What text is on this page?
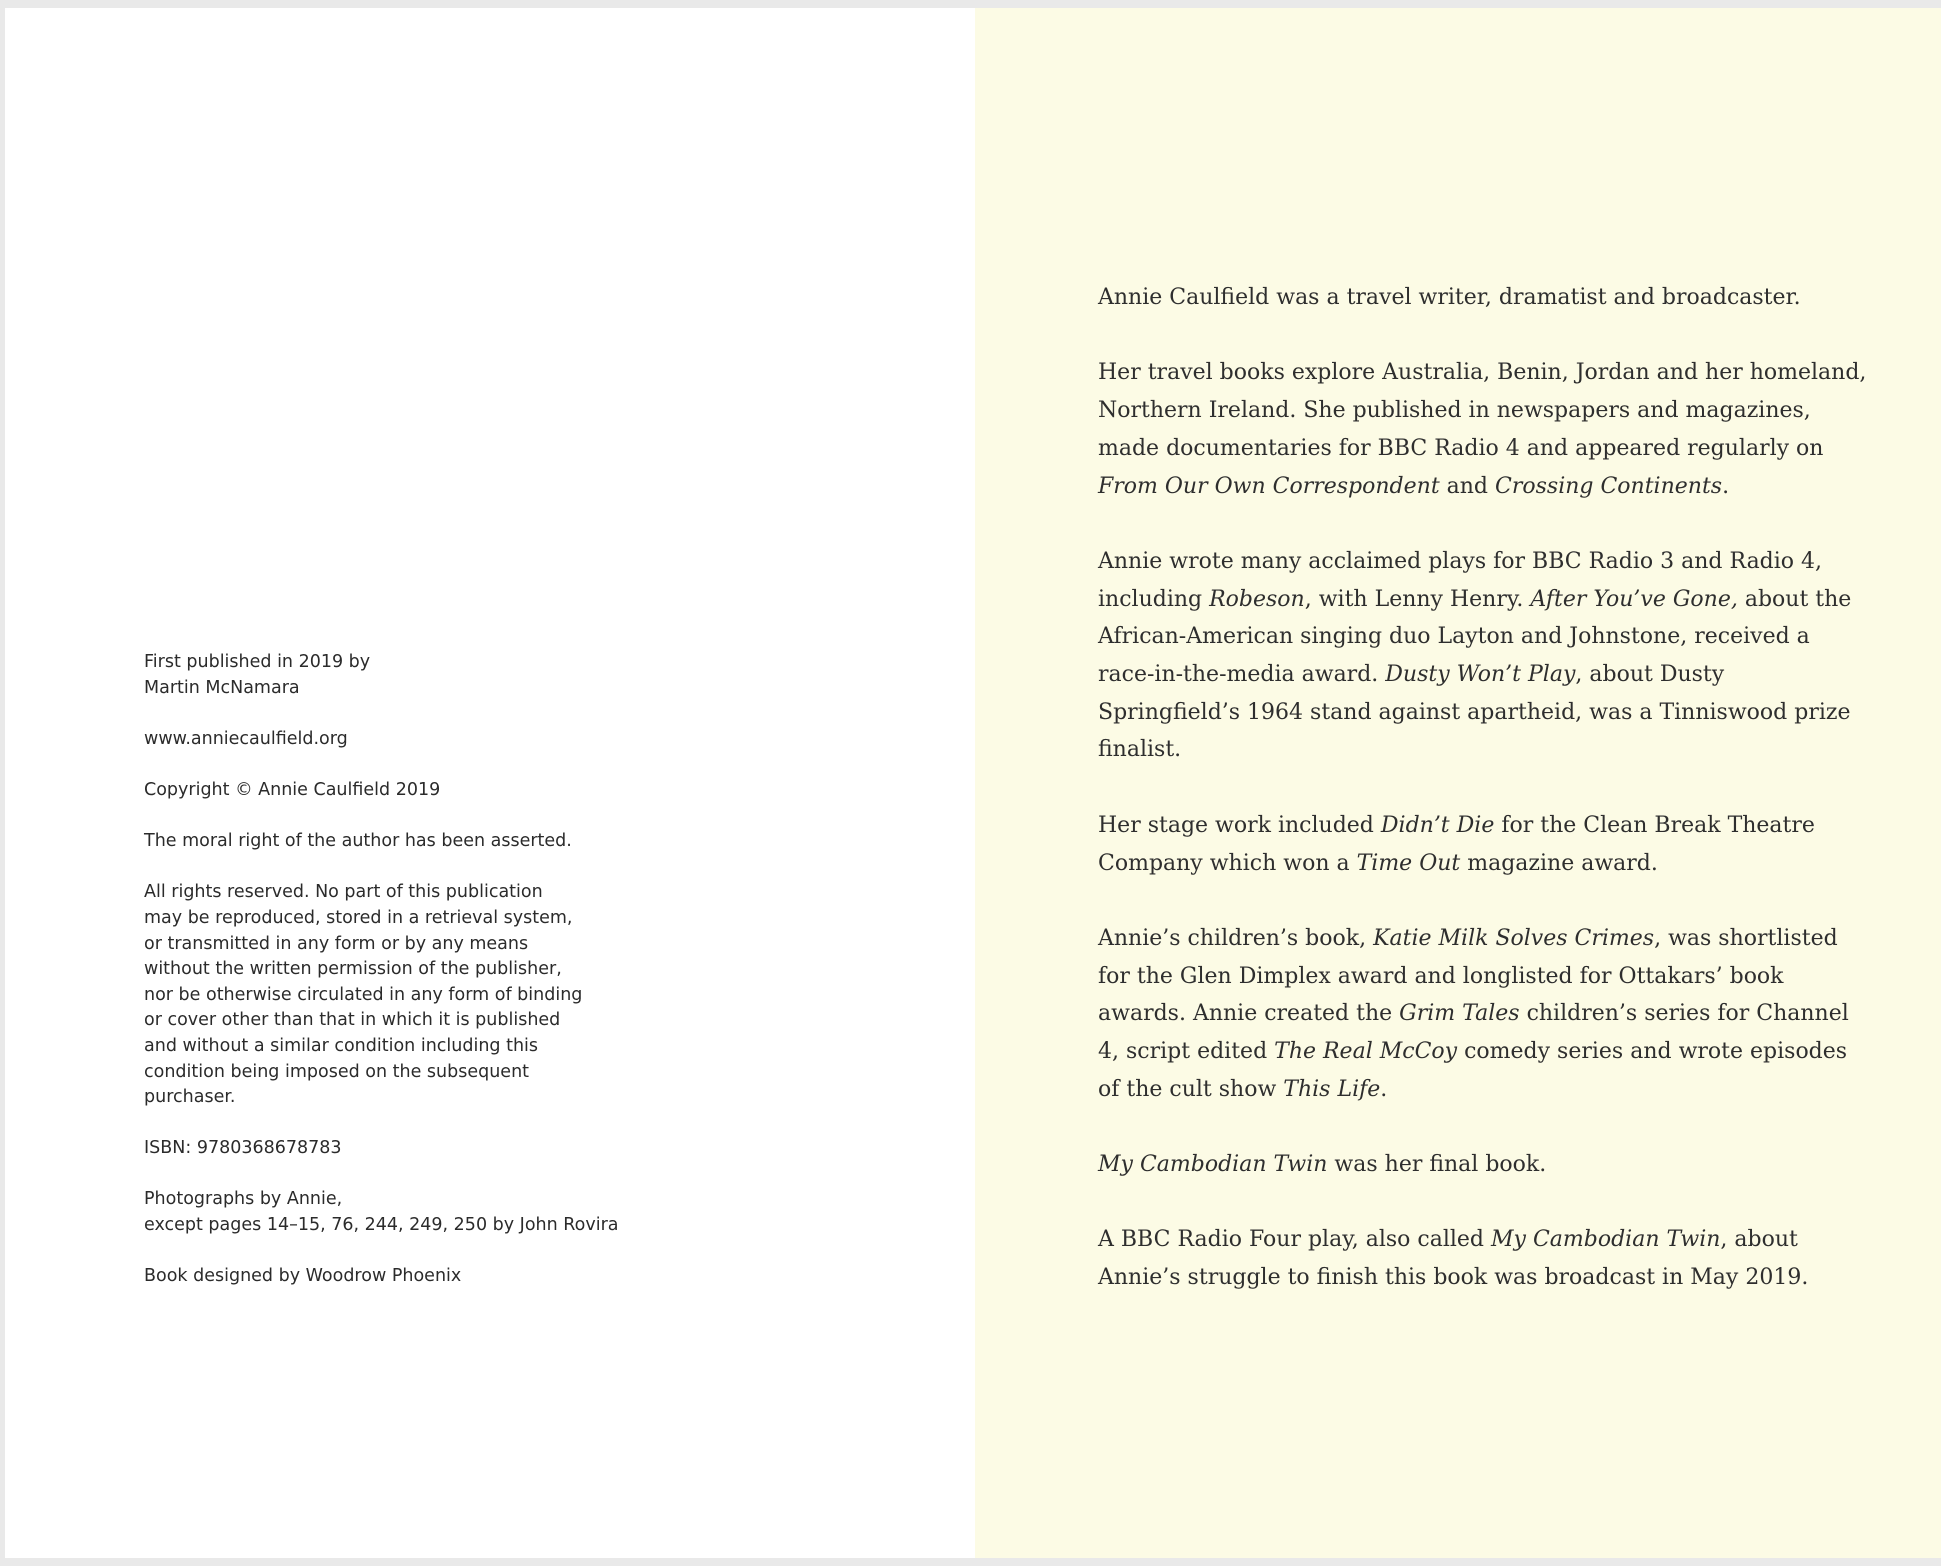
First published in 2019 by
Martin McNamara

www.anniecaulfield.org

Copyright © Annie Caulfield 2019

The moral right of the author has been asserted.

All rights reserved. No part of this publication
may be reproduced, stored in a retrieval system,
or transmitted in any form or by any means
without the written permission of the publisher,
nor be otherwise circulated in any form of binding
or cover other than that in which it is published
and without a similar condition including this
condition being imposed on the subsequent
purchaser.

ISBN: 9780368678783

Photographs by Annie,
except pages 14–15, 76, 244, 249, 250 by John Rovira

Book designed by Woodrow Phoenix

Annie Caulfield was a travel writer, dramatist and broadcaster.

Her travel books explore Australia, Benin, Jordan and her homeland, Northern Ireland. She published in newspapers and magazines, made documentaries for BBC Radio 4 and appeared regularly on From Our Own Correspondent and Crossing Continents.

Annie wrote many acclaimed plays for BBC Radio 3 and Radio 4, including Robeson, with Lenny Henry. After You’ve Gone, about the African-American singing duo Layton and Johnstone, received a race-in-the-media award. Dusty Won’t Play, about Dusty Springfield’s 1964 stand against apartheid, was a Tinniswood prize finalist.

Her stage work included Didn’t Die for the Clean Break Theatre Company which won a Time Out magazine award.

Annie’s children’s book, Katie Milk Solves Crimes, was shortlisted for the Glen Dimplex award and longlisted for Ottakars’ book awards. Annie created the Grim Tales children’s series for Channel 4, script edited The Real McCoy comedy series and wrote episodes of the cult show This Life.

My Cambodian Twin was her final book.

A BBC Radio Four play, also called My Cambodian Twin, about Annie’s struggle to finish this book was broadcast in May 2019.
